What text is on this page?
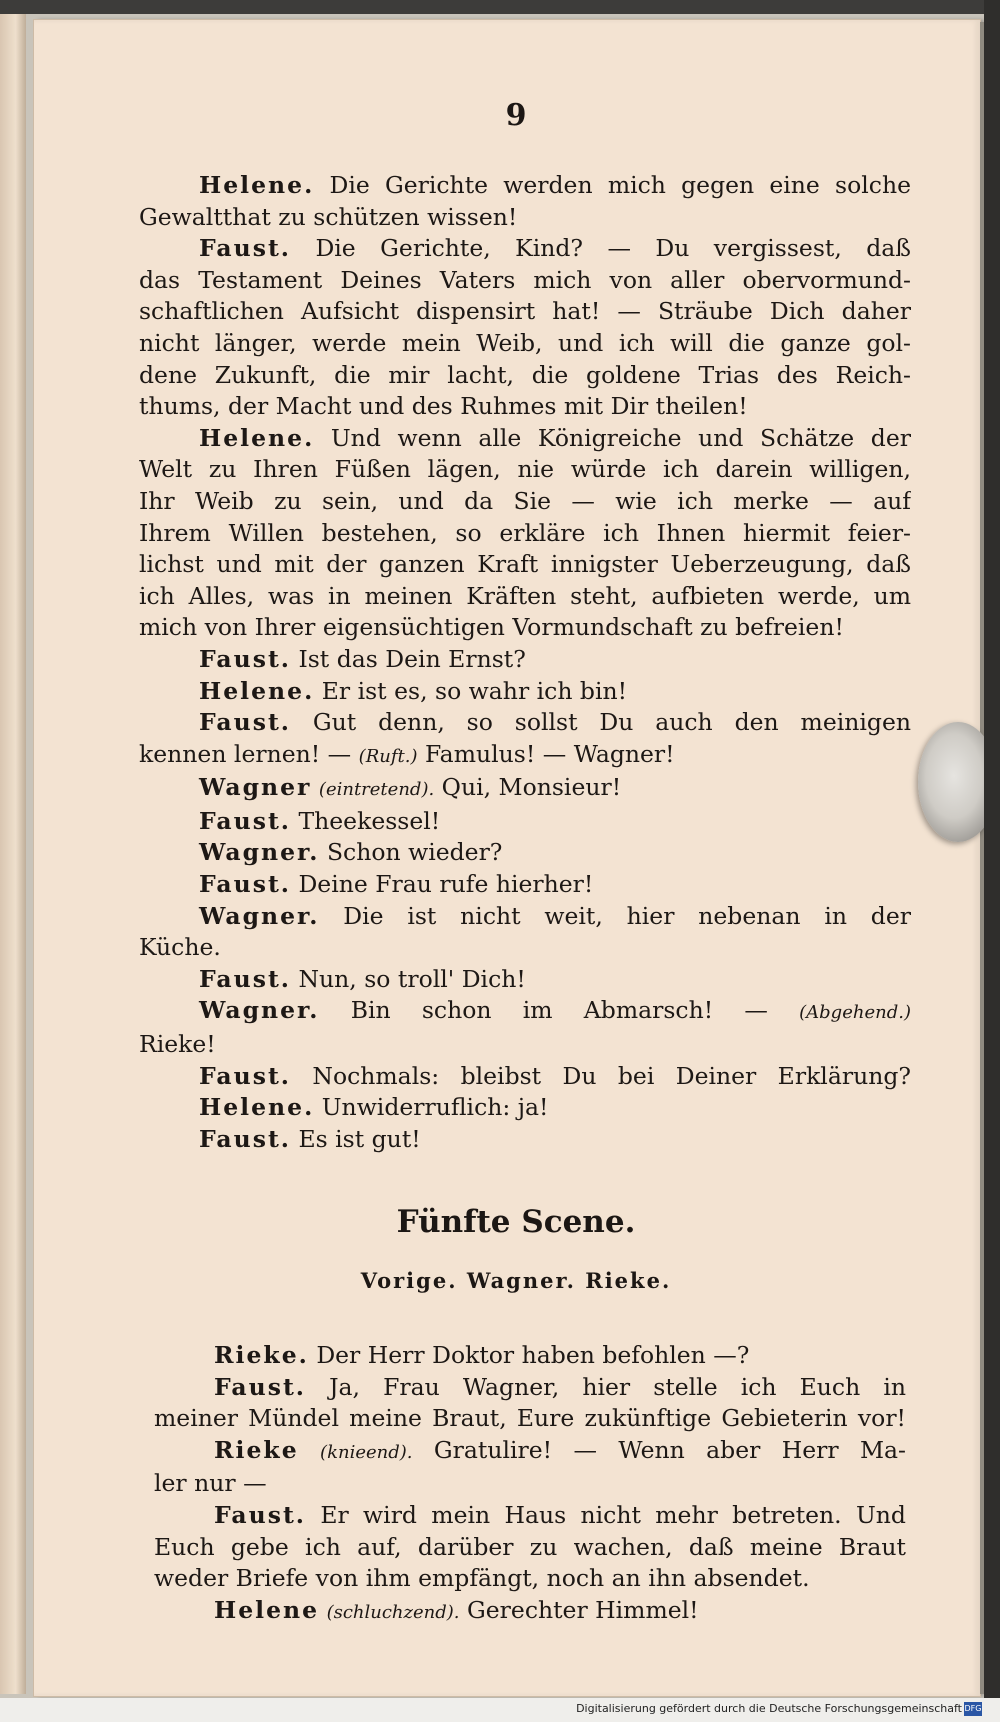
9
Helene. Die Gerichte werden mich gegen eine solche
Gewaltthat zu schützen wissen!
Faust. Die Gerichte, Kind? — Du vergissest, daß
das Testament Deines Vaters mich von aller obervormund-
schaftlichen Aufsicht dispensirt hat! — Sträube Dich daher
nicht länger, werde mein Weib, und ich will die ganze gol-
dene Zukunft, die mir lacht, die goldene Trias des Reich-
thums, der Macht und des Ruhmes mit Dir theilen!
Helene. Und wenn alle Königreiche und Schätze der
Welt zu Ihren Füßen lägen, nie würde ich darein willigen,
Ihr Weib zu sein, und da Sie — wie ich merke — auf
Ihrem Willen bestehen, so erkläre ich Ihnen hiermit feier-
lichst und mit der ganzen Kraft innigster Ueberzeugung, daß
ich Alles, was in meinen Kräften steht, aufbieten werde, um
mich von Ihrer eigensüchtigen Vormundschaft zu befreien!
Faust. Ist das Dein Ernst?
Helene. Er ist es, so wahr ich bin!
Faust. Gut denn, so sollst Du auch den meinigen
kennen lernen! — (Ruft.) Famulus! — Wagner!
Wagner (eintretend). Qui, Monsieur!
Faust. Theekessel!
Wagner. Schon wieder?
Faust. Deine Frau rufe hierher!
Wagner. Die ist nicht weit, hier nebenan in der
Küche.
Faust. Nun, so troll' Dich!
Wagner. Bin schon im Abmarsch! — (Abgehend.)
Rieke!
Faust. Nochmals: bleibst Du bei Deiner Erklärung?
Helene. Unwiderruflich: ja!
Faust. Es ist gut!
Fünfte Scene.
Vorige. Wagner. Rieke.
Rieke. Der Herr Doktor haben befohlen —?
Faust. Ja, Frau Wagner, hier stelle ich Euch in
meiner Mündel meine Braut, Eure zukünftige Gebieterin vor!
Rieke (knieend). Gratulire! — Wenn aber Herr Ma-
ler nur —
Faust. Er wird mein Haus nicht mehr betreten. Und
Euch gebe ich auf, darüber zu wachen, daß meine Braut
weder Briefe von ihm empfängt, noch an ihn absendet.
Helene (schluchzend). Gerechter Himmel!
Digitalisierung gefördert durch die Deutsche Forschungsgemeinschaft DFG
